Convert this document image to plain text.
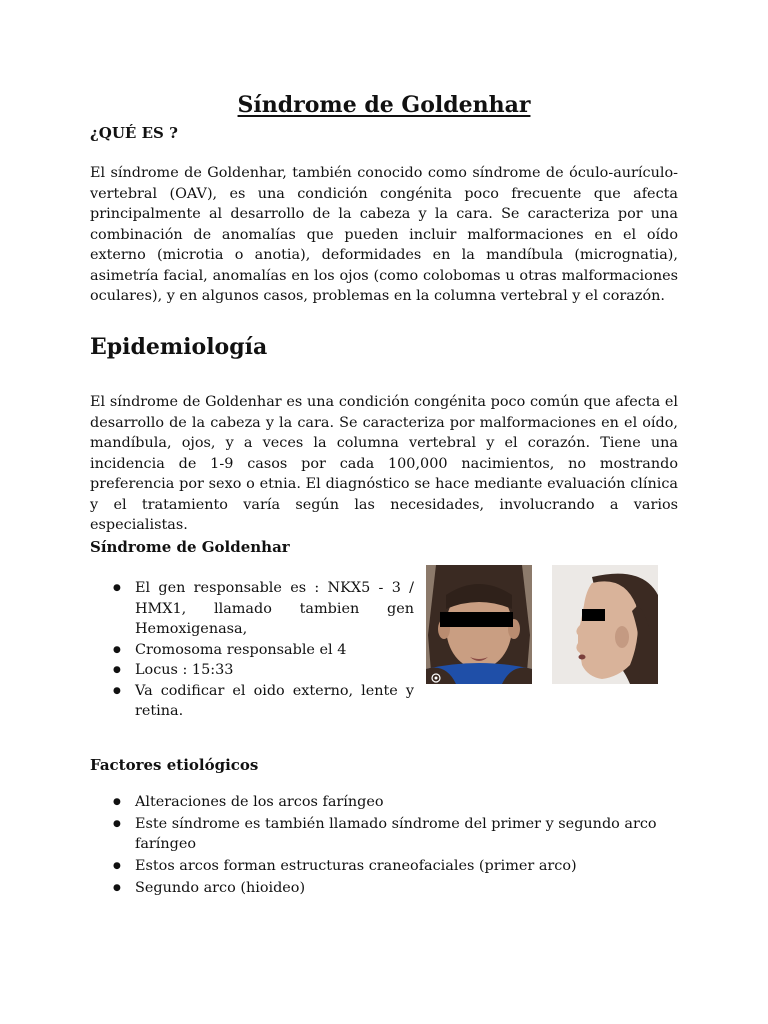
Síndrome de Goldenhar
¿QUÉ ES ?

El síndrome de Goldenhar, también conocido como síndrome de óculo-aurículo-vertebral (OAV), es una condición congénita poco frecuente que afecta principalmente al desarrollo de la cabeza y la cara. Se caracteriza por una combinación de anomalías que pueden incluir malformaciones en el oído externo (microtia o anotia), deformidades en la mandíbula (micrognatia), asimetría facial, anomalías en los ojos (como colobomas u otras malformaciones oculares), y en algunos casos, problemas en la columna vertebral y el corazón.

Epidemiología

El síndrome de Goldenhar es una condición congénita poco común que afecta el desarrollo de la cabeza y la cara. Se caracteriza por malformaciones en el oído, mandíbula, ojos, y a veces la columna vertebral y el corazón. Tiene una incidencia de 1-9 casos por cada 100,000 nacimientos, no mostrando preferencia por sexo o etnia. El diagnóstico se hace mediante evaluación clínica y el tratamiento varía según las necesidades, involucrando a varios especialistas.

Síndrome de Goldenhar
● El gen responsable es : NKX5 - 3 / HMX1, llamado tambien gen Hemoxigenasa,
● Cromosoma responsable el 4
● Locus : 15:33
● Va codificar el oido externo, lente y retina.
Factores etiológicos
● Alteraciones de los arcos faríngeo
● Este síndrome es también llamado síndrome del primer y segundo arco faríngeo
● Estos arcos forman estructuras craneofaciales (primer arco)
● Segundo arco (hioideo)
